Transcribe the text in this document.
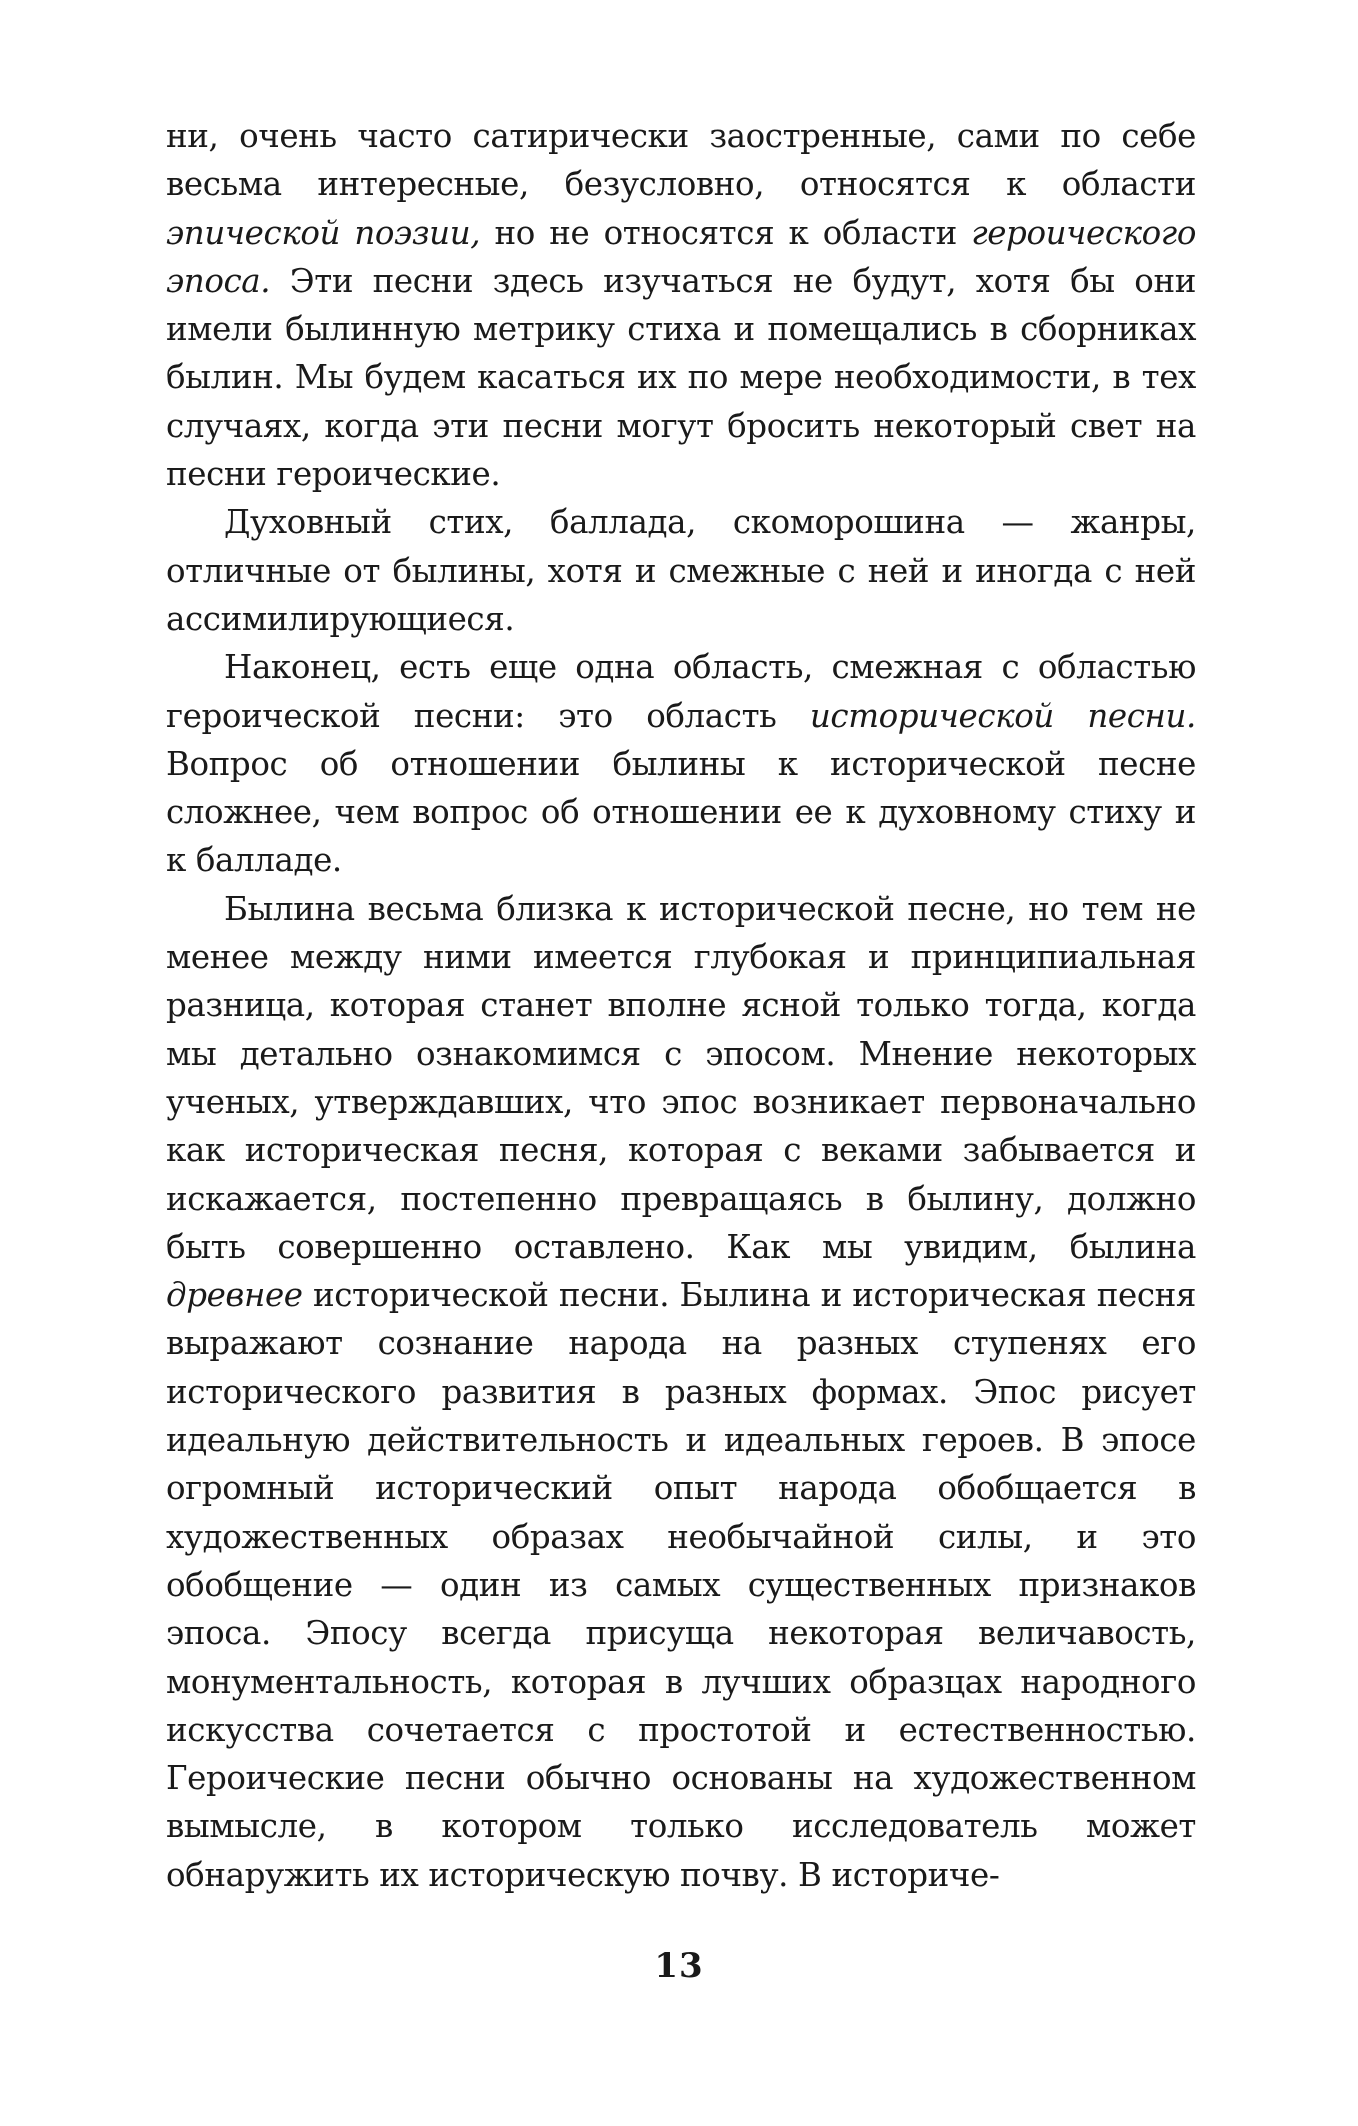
ни, очень часто сатирически заостренные, сами по себе весьма интересные, безусловно, относятся к области эпической поэзии, но не относятся к области героического эпоса. Эти песни здесь изучаться не будут, хотя бы они имели былинную метрику стиха и помещались в сборниках былин. Мы будем касаться их по мере необходимости, в тех случаях, когда эти песни могут бросить некоторый свет на песни героические.

Духовный стих, баллада, скоморошина — жанры, отличные от былины, хотя и смежные с ней и иногда с ней ассимилирующиеся.

Наконец, есть еще одна область, смежная с областью героической песни: это область исторической песни. Вопрос об отношении былины к исторической песне сложнее, чем вопрос об отношении ее к духовному стиху и к балладе.

Былина весьма близка к исторической песне, но тем не менее между ними имеется глубокая и принципиальная разница, которая станет вполне ясной только тогда, когда мы детально ознакомимся с эпосом. Мнение некоторых ученых, утверждавших, что эпос возникает первоначально как историческая песня, которая с веками забывается и искажается, постепенно превращаясь в былину, должно быть совершенно оставлено. Как мы увидим, былина древнее исторической песни. Былина и историческая песня выражают сознание народа на разных ступенях его исторического развития в разных формах. Эпос рисует идеальную действительность и идеальных героев. В эпосе огромный исторический опыт народа обобщается в художественных образах необычайной силы, и это обобщение — один из самых существенных признаков эпоса. Эпосу всегда присуща некоторая величавость, монументальность, которая в лучших образцах народного искусства сочетается с простотой и естественностью. Героические песни обычно основаны на художественном вымысле, в котором только исследователь может обнаружить их историческую почву. В историче-

13
